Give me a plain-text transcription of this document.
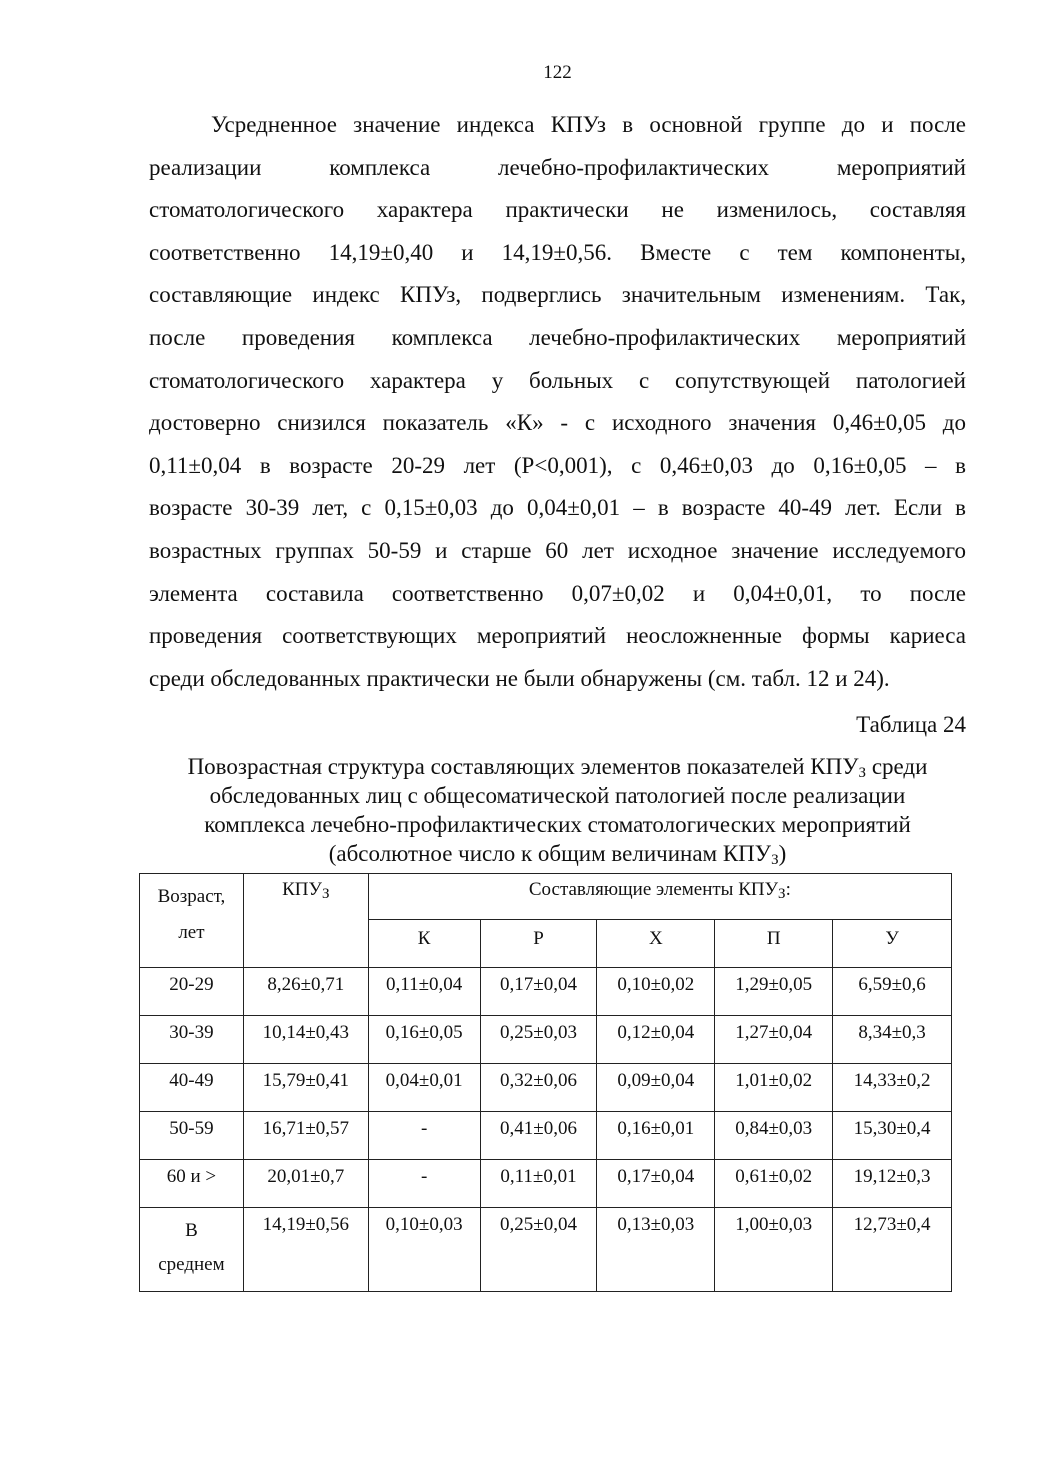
122
Усредненное значение индекса КПУз в основной группе до и после
реализации комплекса лечебно-профилактических мероприятий
стоматологического характера практически не изменилось, составляя
соответственно 14,19±0,40 и 14,19±0,56. Вместе с тем компоненты,
составляющие индекс КПУз, подверглись значительным изменениям. Так,
после проведения комплекса лечебно-профилактических мероприятий
стоматологического характера у больных с сопутствующей патологией
достоверно снизился показатель «К» - с исходного значения 0,46±0,05 до
0,11±0,04 в возрасте 20-29 лет (Р<0,001), с 0,46±0,03 до 0,16±0,05 – в
возрасте 30-39 лет, с 0,15±0,03 до 0,04±0,01 – в возрасте 40-49 лет. Если в
возрастных группах 50-59 и старше 60 лет исходное значение исследуемого
элемента составила соответственно 0,07±0,02 и 0,04±0,01, то после
проведения соответствующих мероприятий неосложненные формы кариеса
среди обследованных практически не были обнаружены (см. табл. 12 и 24).
Таблица 24
Повозрастная структура составляющих элементов показателей $КПУ_З$ среди
обследованных лиц с общесоматической патологией после реализации
комплекса лечебно-профилактических стоматологических мероприятий
(абсолютное число к общим величинам $КПУ_З$)
Возраст,
лет	$КПУ_З$	Составляющие элементы $КПУ_З$:				
		К	Р	Х	П	У
20-29	8,26±0,71	0,11±0,04	0,17±0,04	0,10±0,02	1,29±0,05	6,59±0,6
30-39	10,14±0,43	0,16±0,05	0,25±0,03	0,12±0,04	1,27±0,04	8,34±0,3
40-49	15,79±0,41	0,04±0,01	0,32±0,06	0,09±0,04	1,01±0,02	14,33±0,2
50-59	16,71±0,57	-	0,41±0,06	0,16±0,01	0,84±0,03	15,30±0,4
60 и >	20,01±0,7	-	0,11±0,01	0,17±0,04	0,61±0,02	19,12±0,3
В
среднем	14,19±0,56	0,10±0,03	0,25±0,04	0,13±0,03	1,00±0,03	12,73±0,4
